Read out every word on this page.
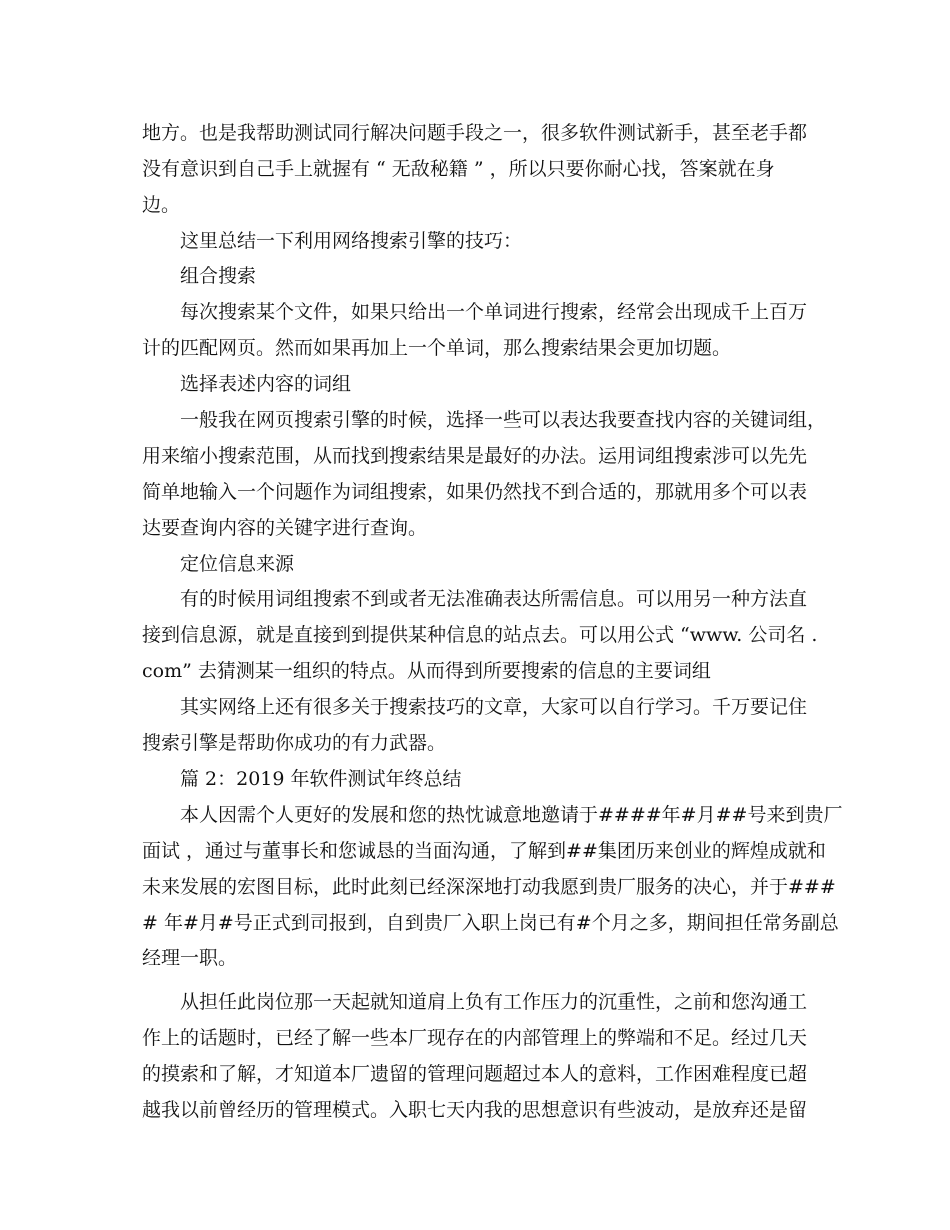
地方。也是我帮助测试同行解决问题手段之一，很多软件测试新手，甚至老手都
没有意识到自己手上就握有 “ 无敌秘籍 ” ，所以只要你耐心找，答案就在身
边。
这里总结一下利用网络搜索引擎的技巧：
组合搜索
每次搜索某个文件，如果只给出一个单词进行搜索，经常会出现成千上百万
计的匹配网页。然而如果再加上一个单词，那么搜索结果会更加切题。
选择表述内容的词组
一般我在网页搜索引擎的时候，选择一些可以表达我要查找内容的关键词组，
用来缩小搜索范围，从而找到搜索结果是最好的办法。运用词组搜索涉可以先先
简单地输入一个问题作为词组搜索，如果仍然找不到合适的，那就用多个可以表
达要查询内容的关键字进行查询。
定位信息来源
有的时候用词组搜索不到或者无法准确表达所需信息。可以用另一种方法直
接到信息源，就是直接到到提供某种信息的站点去。可以用公式 “www. 公司名 .
com” 去猜测某一组织的特点。从而得到所要搜索的信息的主要词组
其实网络上还有很多关于搜索技巧的文章，大家可以自行学习。千万要记住
搜索引擎是帮助你成功的有力武器。
篇 2：2019 年软件测试年终总结
本人因需个人更好的发展和您的热忱诚意地邀请于####年#月##号来到贵厂
面试 ，通过与董事长和您诚恳的当面沟通，了解到##集团历来创业的辉煌成就和
未来发展的宏图目标，此时此刻已经深深地打动我愿到贵厂服务的决心，并于###
# 年#月#号正式到司报到，自到贵厂入职上岗已有#个月之多，期间担任常务副总
经理一职。
从担任此岗位那一天起就知道肩上负有工作压力的沉重性，之前和您沟通工
作上的话题时，已经了解一些本厂现存在的内部管理上的弊端和不足。经过几天
的摸索和了解，才知道本厂遗留的管理问题超过本人的意料，工作困难程度已超
越我以前曾经历的管理模式。入职七天内我的思想意识有些波动，是放弃还是留
